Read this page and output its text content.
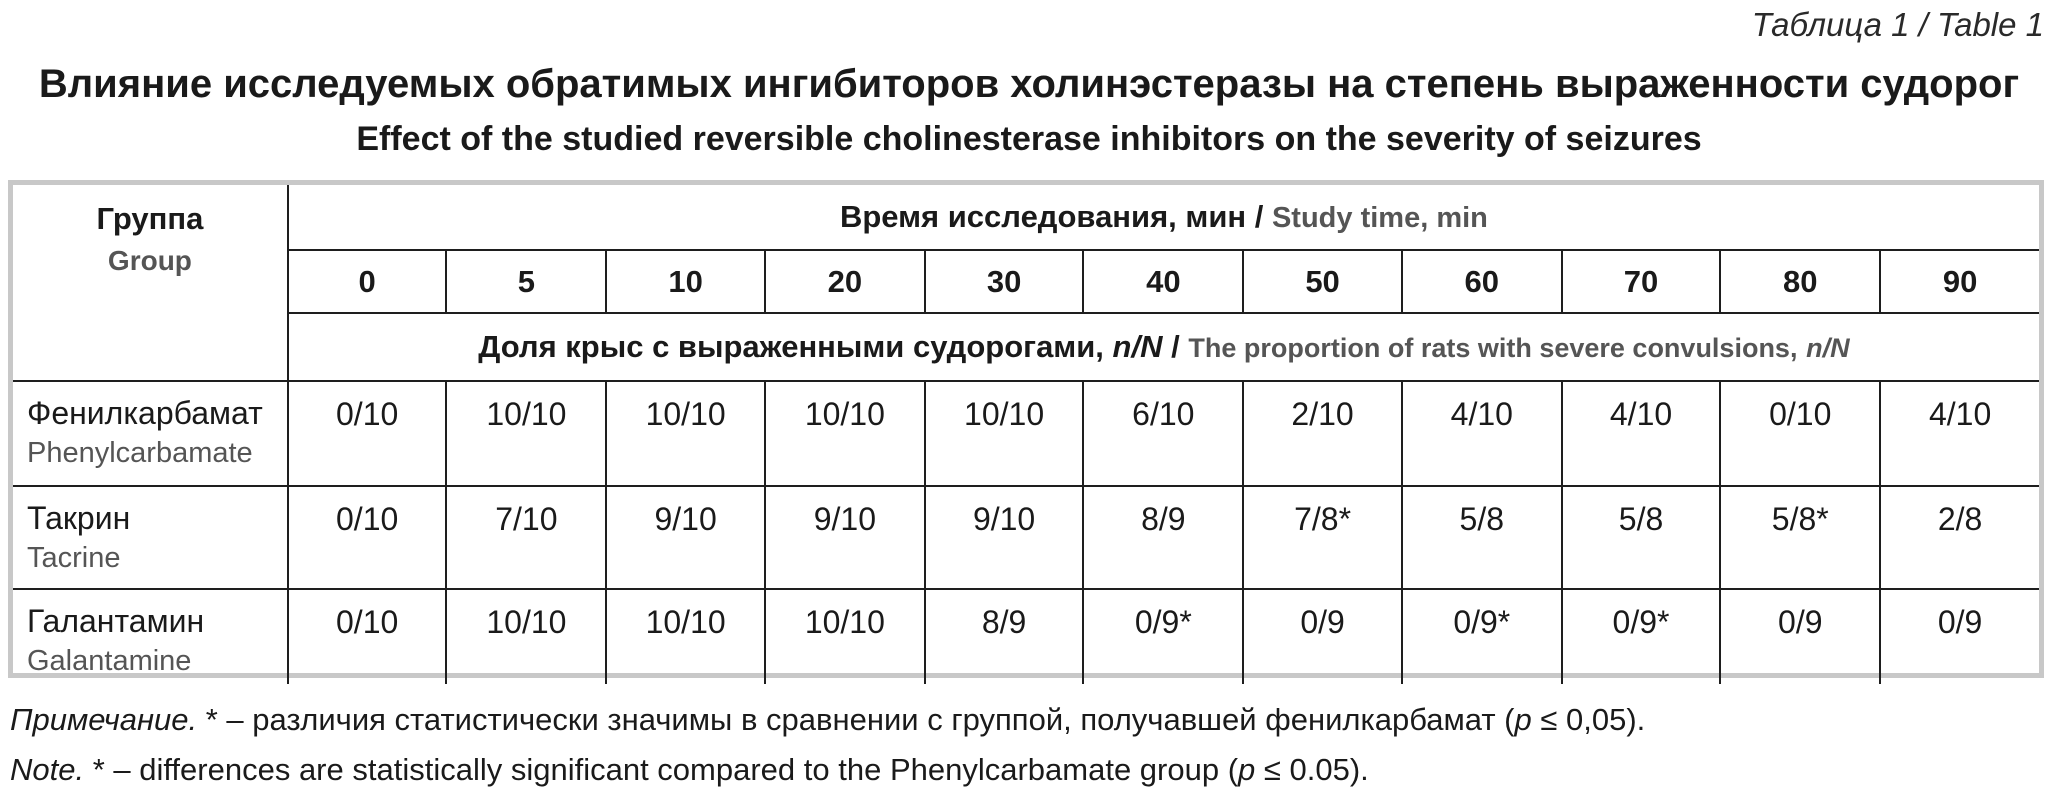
Таблица 1 / Table 1
Влияние исследуемых обратимых ингибиторов холинэстеразы на степень выраженности судорог
Effect of the studied reversible cholinesterase inhibitors on the severity of seizures
Группа
Group	Время исследования, мин / Study time, min										
	0	5	10	20	30	40	50	60	70	80	90
	Доля крыс с выраженными судорогами, n/N / The proportion of rats with severe convulsions, n/N										

Фенилкарбамат
Phenylcarbamate	0/10	10/10	10/10	10/10	10/10	6/10	2/10	4/10	4/10	0/10	4/10

Такрин
Tacrine	0/10	7/10	9/10	9/10	9/10	8/9	7/8*	5/8	5/8	5/8*	2/8

Галантамин
Galantamine	0/10	10/10	10/10	10/10	8/9	0/9*	0/9	0/9*	0/9*	0/9	0/9
Примечание. * – различия статистически значимы в сравнении с группой, получавшей фенилкарбамат (p ≤ 0,05).
Note. * – differences are statistically significant compared to the Phenylcarbamate group (p ≤ 0.05).
